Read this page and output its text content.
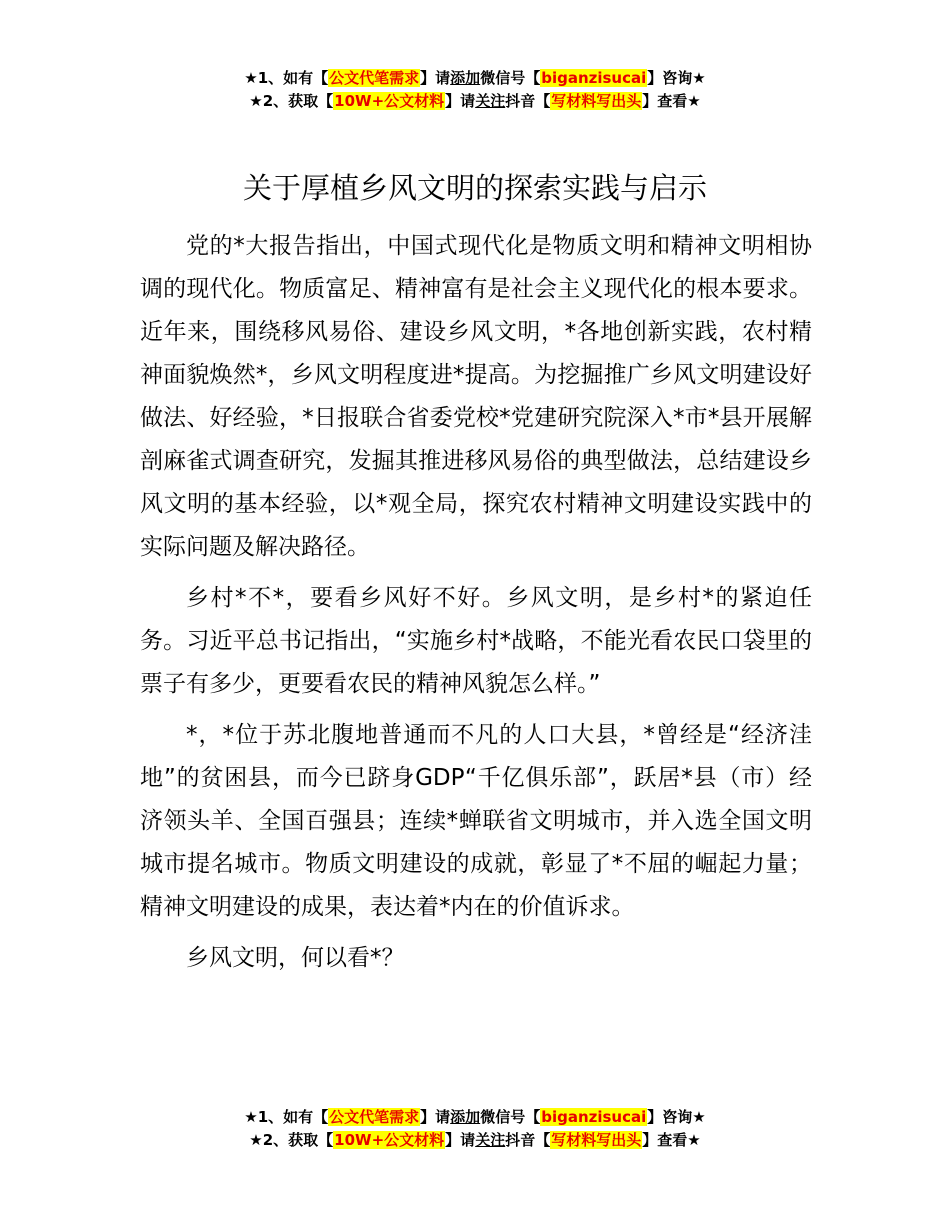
★1、如有【公文代笔需求】请添加微信号【biganzisucai】咨询★
★2、获取【10W+公文材料】请关注抖音【写材料写出头】查看★
关于厚植乡风文明的探索实践与启示

党的*大报告指出，中国式现代化是物质文明和精神文明相协调的现代化。物质富足、精神富有是社会主义现代化的根本要求。近年来，围绕移风易俗、建设乡风文明，*各地创新实践，农村精神面貌焕然*，乡风文明程度进*提高。为挖掘推广乡风文明建设好做法、好经验，*日报联合省委党校*党建研究院深入*市*县开展解剖麻雀式调查研究，发掘其推进移风易俗的典型做法，总结建设乡风文明的基本经验，以*观全局，探究农村精神文明建设实践中的实际问题及解决路径。

乡村*不*，要看乡风好不好。乡风文明，是乡村*的紧迫任务。习近平总书记指出，“实施乡村*战略，不能光看农民口袋里的票子有多少，更要看农民的精神风貌怎么样。”

*，*位于苏北腹地普通而不凡的人口大县，*曾经是“经济洼地”的贫困县，而今已跻身GDP“千亿俱乐部”，跃居*县（市）经济领头羊、全国百强县；连续*蝉联省文明城市，并入选全国文明城市提名城市。物质文明建设的成就，彰显了*不屈的崛起力量；精神文明建设的成果，表达着*内在的价值诉求。

乡风文明，何以看*？

★1、如有【公文代笔需求】请添加微信号【biganzisucai】咨询★
★2、获取【10W+公文材料】请关注抖音【写材料写出头】查看★
